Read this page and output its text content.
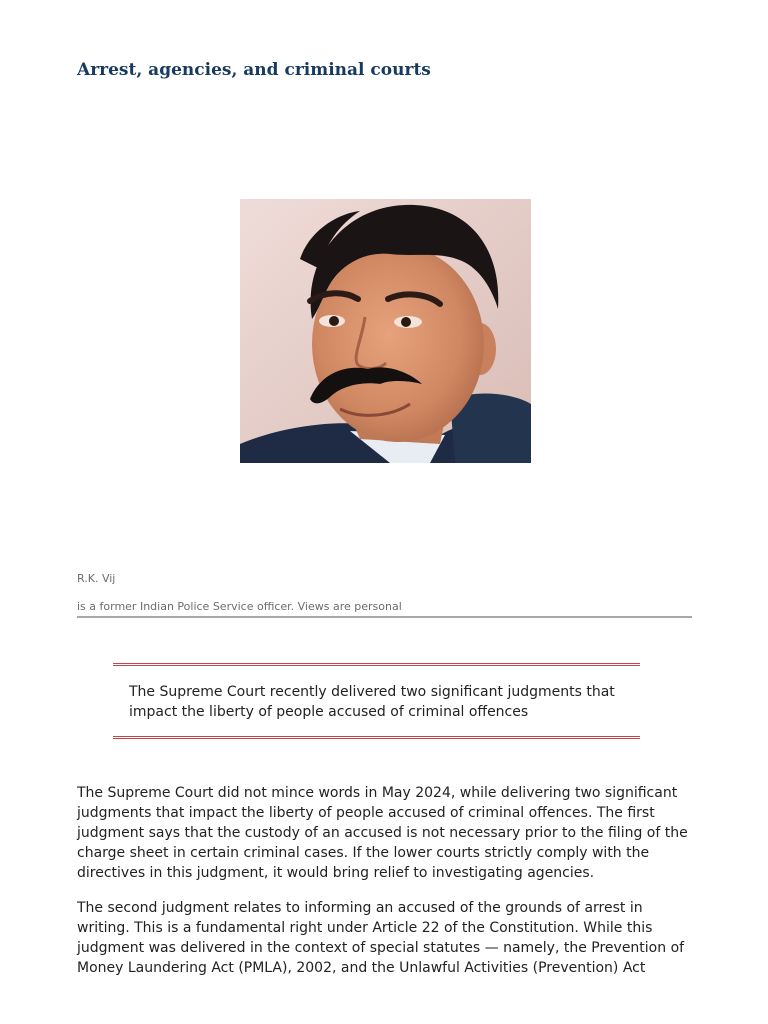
Arrest, agencies, and criminal courts
R.K. Vij
is a former Indian Police Service officer. Views are personal
The Supreme Court recently delivered two significant judgments that impact the liberty of people accused of criminal offences

The Supreme Court did not mince words in May 2024, while delivering two significant judgments that impact the liberty of people accused of criminal offences. The first judgment says that the custody of an accused is not necessary prior to the filing of the charge sheet in certain criminal cases. If the lower courts strictly comply with the directives in this judgment, it would bring relief to investigating agencies.

The second judgment relates to informing an accused of the grounds of arrest in writing. This is a fundamental right under Article 22 of the Constitution. While this judgment was delivered in the context of special statutes — namely, the Prevention of Money Laundering Act (PMLA), 2002, and the Unlawful Activities (Prevention) Act
